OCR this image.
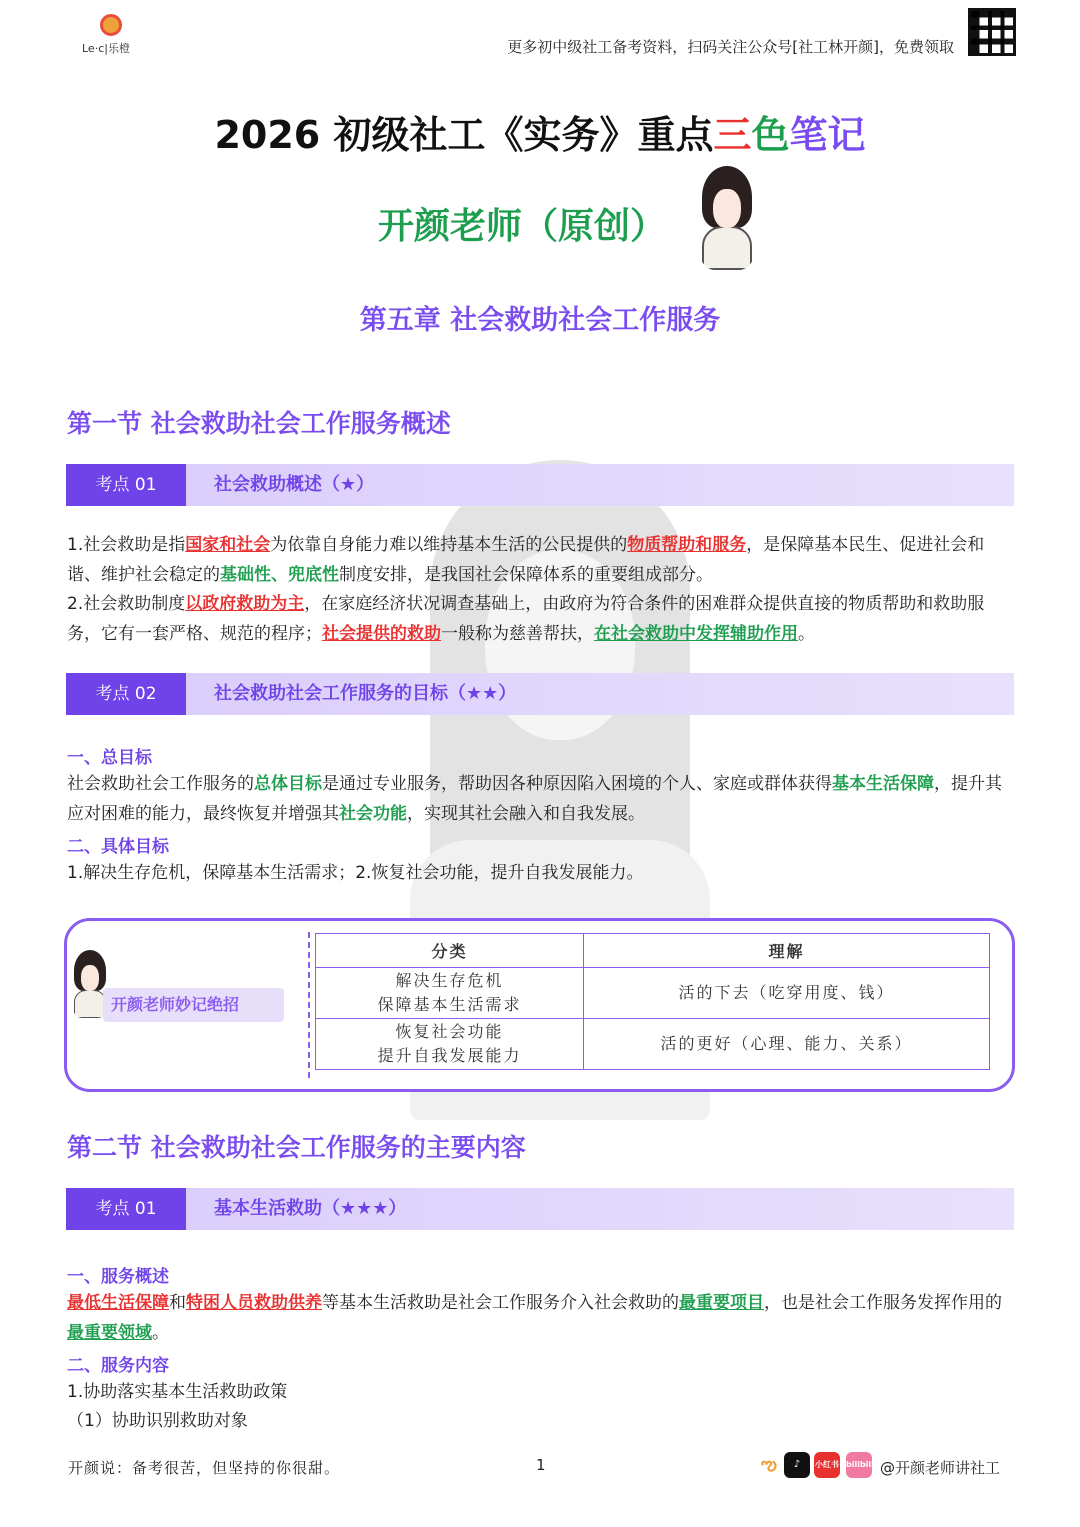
Le·c|乐橙	更多初中级社工备考资料，扫码关注公众号[社工林开颜]，免费领取
2026 初级社工《实务》重点三色笔记
开颜老师（原创）
第五章 社会救助社会工作服务
第一节 社会救助社会工作服务概述
考点 01	社会救助概述（★）
1.社会救助是指国家和社会为依靠自身能力难以维持基本生活的公民提供的物质帮助和服务，是保障基本民生、促进社会和谐、维护社会稳定的基础性、兜底性制度安排，是我国社会保障体系的重要组成部分。
2.社会救助制度以政府救助为主，在家庭经济状况调查基础上，由政府为符合条件的困难群众提供直接的物质帮助和救助服务，它有一套严格、规范的程序；社会提供的救助一般称为慈善帮扶，在社会救助中发挥辅助作用。
考点 02	社会救助社会工作服务的目标（★★）
一、总目标
社会救助社会工作服务的总体目标是通过专业服务，帮助因各种原因陷入困境的个人、家庭或群体获得基本生活保障，提升其应对困难的能力，最终恢复并增强其社会功能，实现其社会融入和自我发展。
二、具体目标
1.解决生存危机，保障基本生活需求；2.恢复社会功能，提升自我发展能力。
开颜老师妙记绝招
分类	理解

解决生存危机
保障基本生活需求	活的下去（吃穿用度、钱）

恢复社会功能
提升自我发展能力	活的更好（心理、能力、关系）
第二节 社会救助社会工作服务的主要内容
考点 01	基本生活救助（★★★）
一、服务概述
最低生活保障和特困人员救助供养等基本生活救助是社会工作服务介入社会救助的最重要项目，也是社会工作服务发挥作用的最重要领域。
二、服务内容
1.协助落实基本生活救助政策
（1）协助识别救助对象
开颜说：备考很苦，但坚持的你很甜。	1	ఌ	♪	小红书 bilibili @开颜老师讲社工
